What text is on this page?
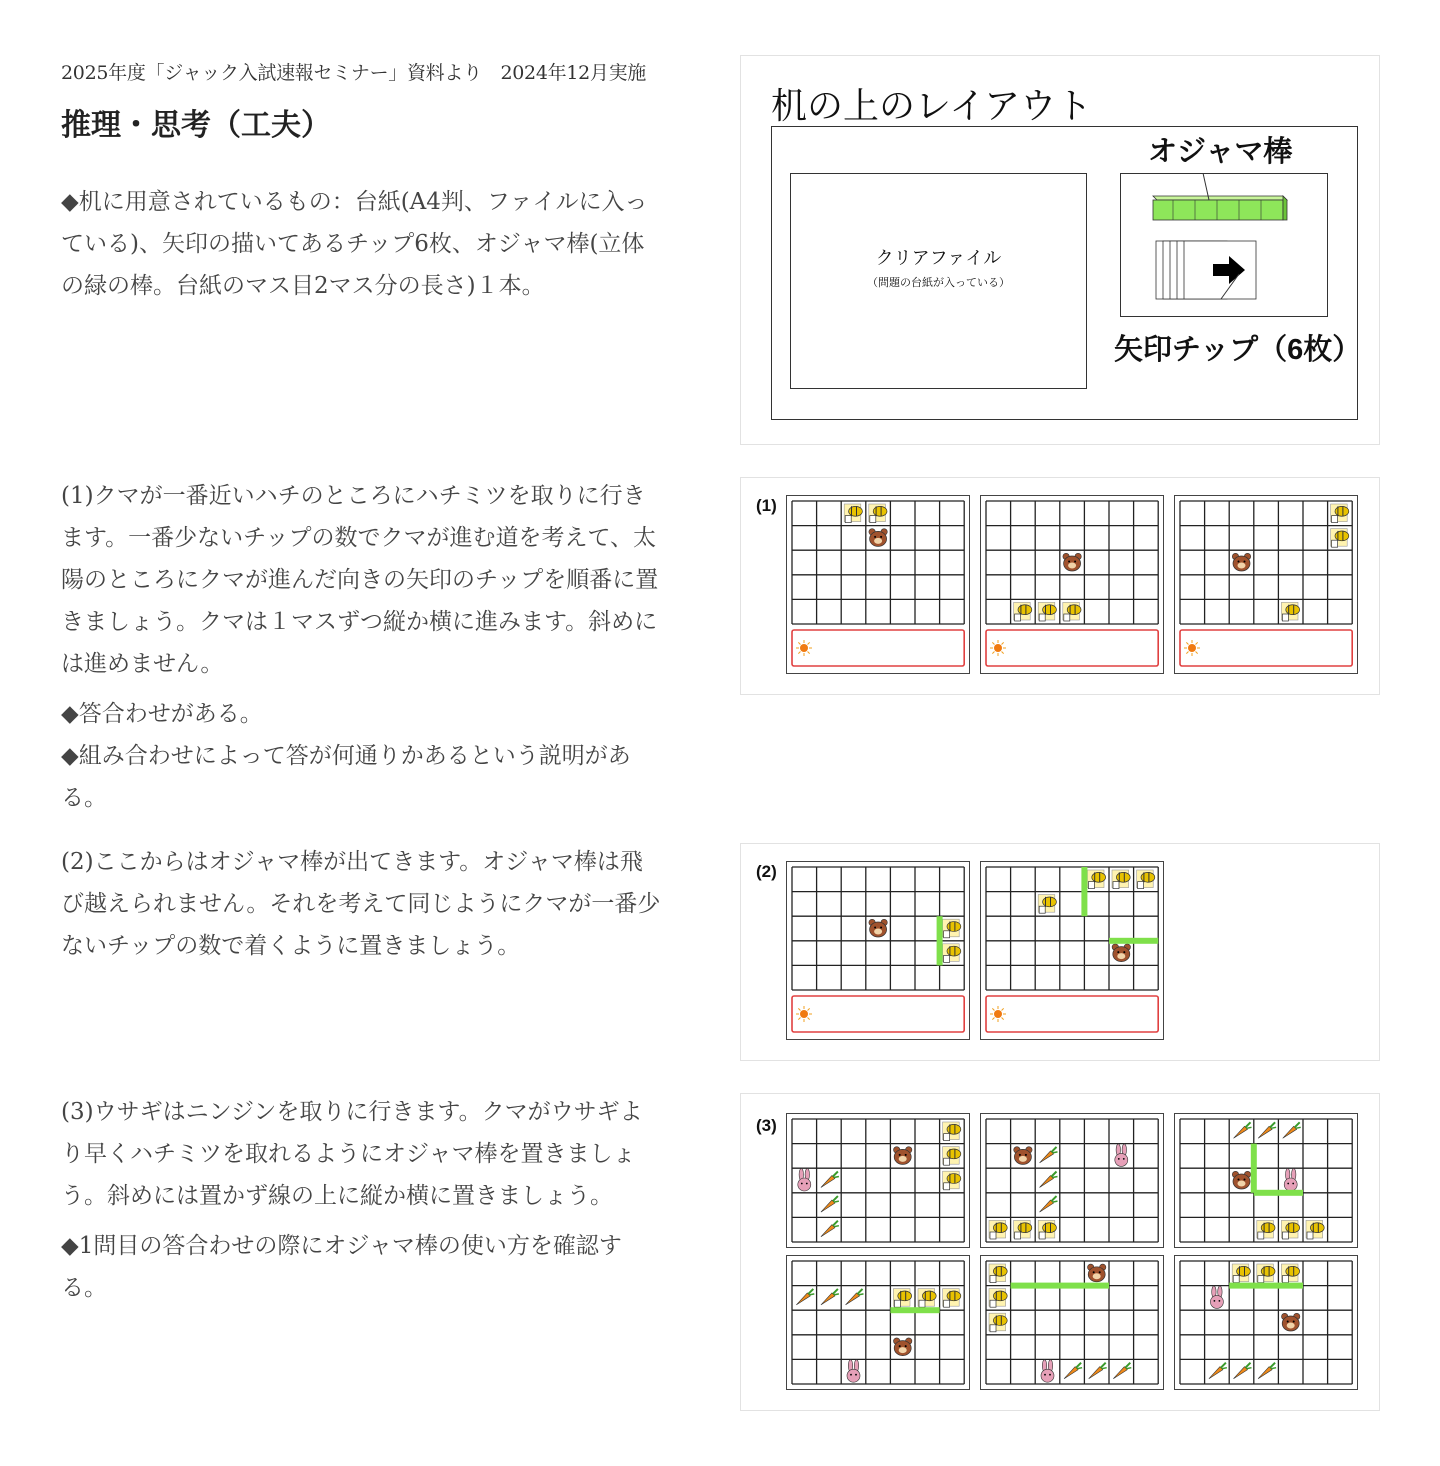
2025年度「ジャック入試速報セミナー」資料より　2024年12月実施
推理・思考（工夫）

◆机に用意されているもの：台紙(A4判、ファイルに入っている)、矢印の描いてあるチップ6枚、オジャマ棒(立体の緑の棒。台紙のマス目2マス分の長さ)１本。

(1)クマが一番近いハチのところにハチミツを取りに行きます。一番少ないチップの数でクマが進む道を考えて、太陽のところにクマが進んだ向きの矢印のチップを順番に置きましょう。クマは１マスずつ縦か横に進みます。斜めには進めません。

◆答合わせがある。

◆組み合わせによって答が何通りかあるという説明がある。

(2)ここからはオジャマ棒が出てきます。オジャマ棒は飛び越えられません。それを考えて同じようにクマが一番少ないチップの数で着くように置きましょう。

(3)ウサギはニンジンを取りに行きます。クマがウサギより早くハチミツを取れるようにオジャマ棒を置きましょう。斜めには置かず線の上に縦か横に置きましょう。

◆1問目の答合わせの際にオジャマ棒の使い方を確認する。

机の上のレイアウト
クリアファイル
（問題の台紙が入っている）
オジャマ棒
矢印チップ（6枚）
(1)
(2)
(3)
